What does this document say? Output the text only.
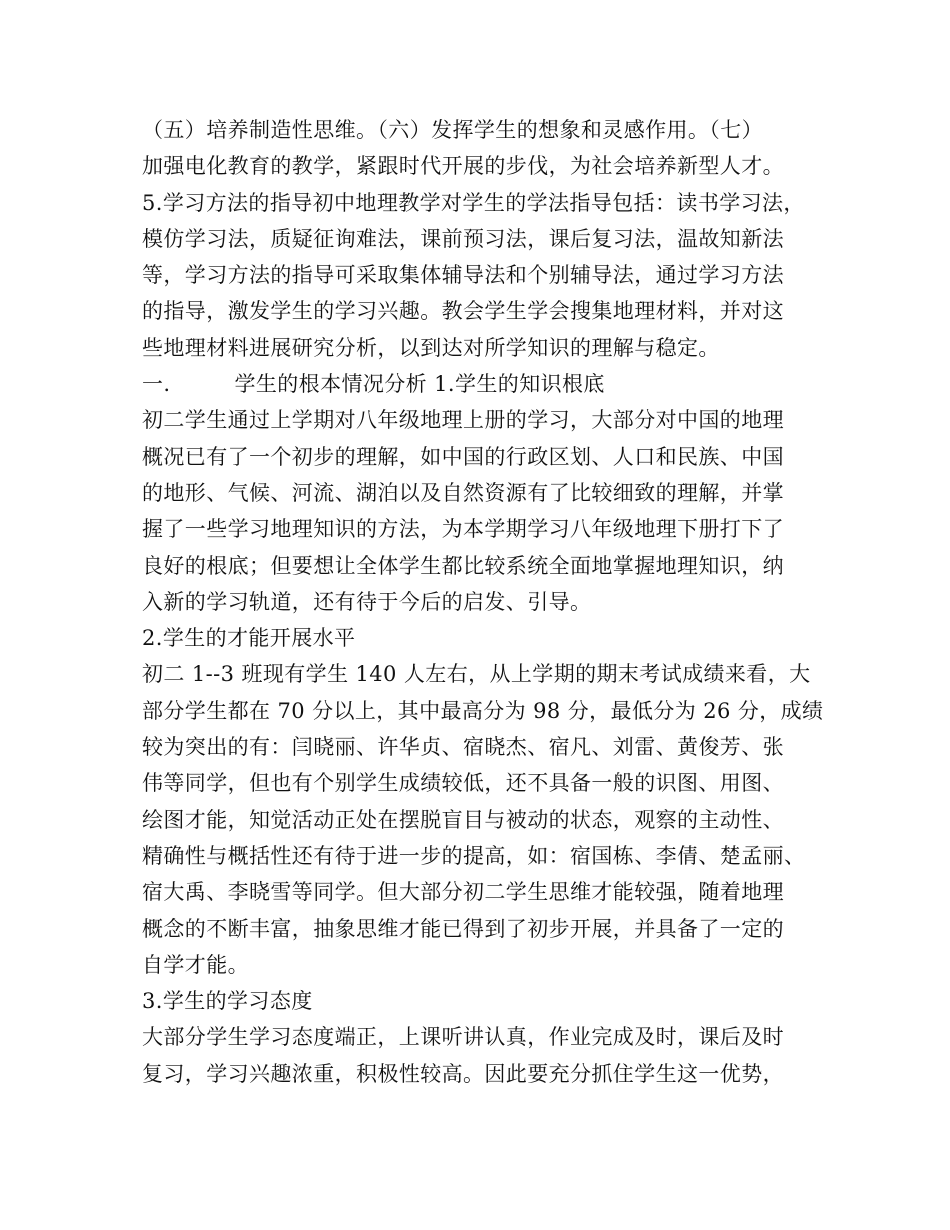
（五）培养制造性思维。（六）发挥学生的想象和灵感作用。（七）
加强电化教育的教学，紧跟时代开展的步伐，为社会培养新型人才。
5.学习方法的指导初中地理教学对学生的学法指导包括：读书学习法，
模仿学习法，质疑征询难法，课前预习法，课后复习法，温故知新法
等，学习方法的指导可采取集体辅导法和个别辅导法，通过学习方法
的指导，激发学生的学习兴趣。教会学生学会搜集地理材料，并对这
些地理材料进展研究分析，以到达对所学知识的理解与稳定。
一.	学生的根本情况分析 1.学生的知识根底
初二学生通过上学期对八年级地理上册的学习，大部分对中国的地理
概况已有了一个初步的理解，如中国的行政区划、人口和民族、中国
的地形、气候、河流、湖泊以及自然资源有了比较细致的理解，并掌
握了一些学习地理知识的方法，为本学期学习八年级地理下册打下了
良好的根底；但要想让全体学生都比较系统全面地掌握地理知识，纳
入新的学习轨道，还有待于今后的启发、引导。
2.学生的才能开展水平
初二 1--3 班现有学生 140 人左右，从上学期的期末考试成绩来看，大
部分学生都在 70 分以上，其中最高分为 98 分，最低分为 26 分，成绩
较为突出的有：闫晓丽、许华贞、宿晓杰、宿凡、刘雷、黄俊芳、张
伟等同学，但也有个别学生成绩较低，还不具备一般的识图、用图、
绘图才能，知觉活动正处在摆脱盲目与被动的状态，观察的主动性、
精确性与概括性还有待于进一步的提高，如：宿国栋、李倩、楚孟丽、
宿大禹、李晓雪等同学。但大部分初二学生思维才能较强，随着地理
概念的不断丰富，抽象思维才能已得到了初步开展，并具备了一定的
自学才能。
3.学生的学习态度
大部分学生学习态度端正，上课听讲认真，作业完成及时，课后及时
复习，学习兴趣浓重，积极性较高。因此要充分抓住学生这一优势，
